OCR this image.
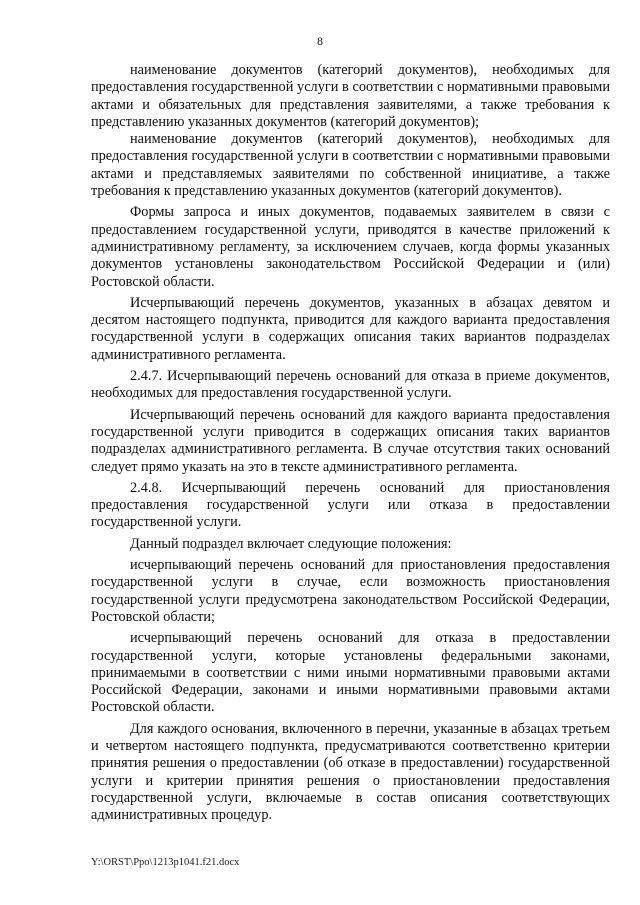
8

наименование документов (категорий документов), необходимых для предоставления государственной услуги в соответствии с нормативными правовыми актами и обязательных для представления заявителями, а также требования к представлению указанных документов (категорий документов);

наименование документов (категорий документов), необходимых для предоставления государственной услуги в соответствии с нормативными правовыми актами и представляемых заявителями по собственной инициативе, а также требования к представлению указанных документов (категорий документов).

Формы запроса и иных документов, подаваемых заявителем в связи с предоставлением государственной услуги, приводятся в качестве приложений к административному регламенту, за исключением случаев, когда формы указанных документов установлены законодательством Российской Федерации и (или) Ростовской области.

Исчерпывающий перечень документов, указанных в абзацах девятом и десятом настоящего подпункта, приводится для каждого варианта предоставления государственной услуги в содержащих описания таких вариантов подразделах административного регламента.

2.4.7. Исчерпывающий перечень оснований для отказа в приеме документов, необходимых для предоставления государственной услуги.

Исчерпывающий перечень оснований для каждого варианта предоставления государственной услуги приводится в содержащих описания таких вариантов подразделах административного регламента. В случае отсутствия таких оснований следует прямо указать на это в тексте административного регламента.

2.4.8. Исчерпывающий перечень оснований для приостановления предоставления государственной услуги или отказа в предоставлении государственной услуги.

Данный подраздел включает следующие положения:

исчерпывающий перечень оснований для приостановления предоставления государственной услуги в случае, если возможность приостановления государственной услуги предусмотрена законодательством Российской Федерации, Ростовской области;

исчерпывающий перечень оснований для отказа в предоставлении государственной услуги, которые установлены федеральными законами, принимаемыми в соответствии с ними иными нормативными правовыми актами Российской Федерации, законами и иными нормативными правовыми актами Ростовской области.

Для каждого основания, включенного в перечни, указанные в абзацах третьем и четвертом настоящего подпункта, предусматриваются соответственно критерии принятия решения о предоставлении (об отказе в предоставлении) государственной услуги и критерии принятия решения о приостановлении предоставления государственной услуги, включаемые в состав описания соответствующих административных процедур.

Y:\ORST\Ppo\1213p1041.f21.docx
